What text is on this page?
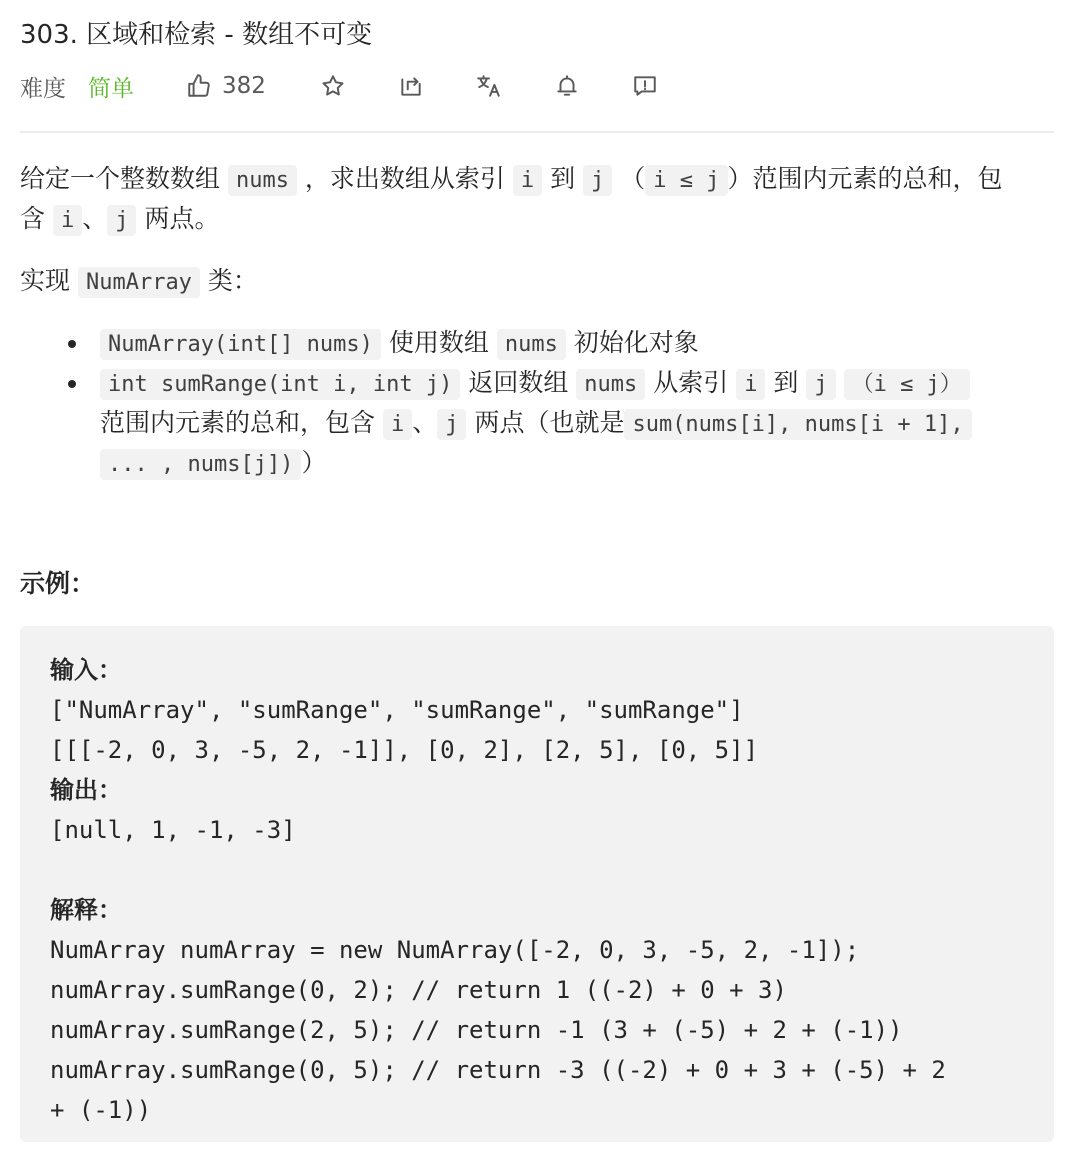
303. 区域和检索 - 数组不可变
难度 简单	382
给定一个整数数组 nums ，求出数组从索引 i 到 j （ i ≤ j ）范围内元素的总和，包
含 i 、 j 两点。
实现 NumArray 类：
NumArray(int[] nums) 使用数组 nums 初始化对象
int sumRange(int i, int j) 返回数组 nums 从索引 i 到 j （i ≤ j）
范围内元素的总和，包含 i 、 j 两点（也就是 sum(nums[i], nums[i + 1],
... , nums[j]) ）
示例：
输入：
["NumArray", "sumRange", "sumRange", "sumRange"]
[[[-2, 0, 3, -5, 2, -1]], [0, 2], [2, 5], [0, 5]]
输出：
[null, 1, -1, -3]
解释：
NumArray numArray = new NumArray([-2, 0, 3, -5, 2, -1]);
numArray.sumRange(0, 2); // return 1 ((-2) + 0 + 3)
numArray.sumRange(2, 5); // return -1 (3 + (-5) + 2 + (-1))
numArray.sumRange(0, 5); // return -3 ((-2) + 0 + 3 + (-5) + 2
+ (-1))
